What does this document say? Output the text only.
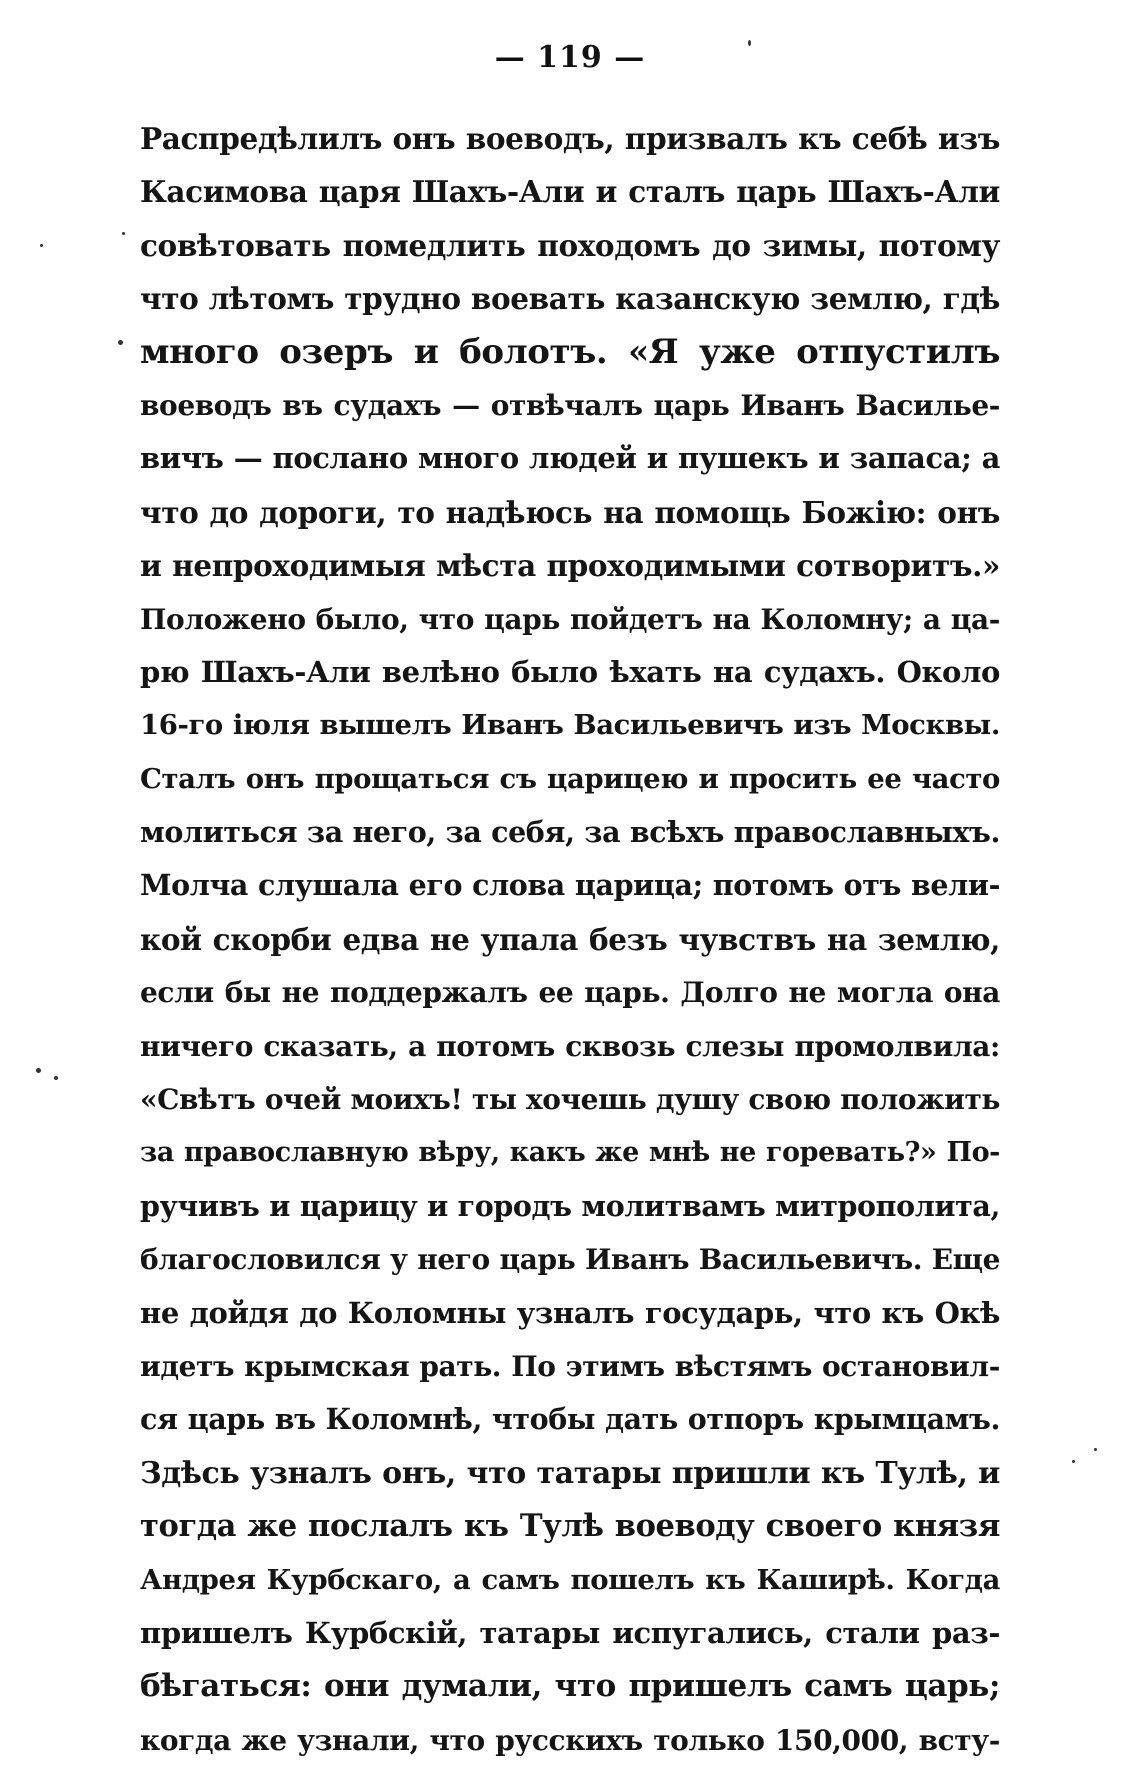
— 119 —
Распредѣлилъ онъ воеводъ, призвалъ къ себѣ изъ
Касимова царя Шахъ-Али и сталъ царь Шахъ-Али
совѣтовать помедлить походомъ до зимы, потому
что лѣтомъ трудно воевать казанскую землю, гдѣ
много озеръ и болотъ. «Я уже отпустилъ
воеводъ въ судахъ — отвѣчалъ царь Иванъ Василье-
вичъ — послано много людей и пушекъ и запаса; а
что до дороги, то надѣюсь на помощь Божію: онъ
и непроходимыя мѣста проходимыми сотворитъ.»
Положено было, что царь пойдетъ на Коломну; а ца-
рю Шахъ-Али велѣно было ѣхать на судахъ. Около
16-го іюля вышелъ Иванъ Васильевичъ изъ Москвы.
Сталъ онъ прощаться съ царицею и просить ее часто
молиться за него, за себя, за всѣхъ православныхъ.
Молча слушала его слова царица; потомъ отъ вели-
кой скорби едва не упала безъ чувствъ на землю,
если бы не поддержалъ ее царь. Долго не могла она
ничего сказать, а потомъ сквозь слезы промолвила:
«Свѣтъ очей моихъ! ты хочешь душу свою положить
за православную вѣру, какъ же мнѣ не горевать?» По-
ручивъ и царицу и городъ молитвамъ митрополита,
благословился у него царь Иванъ Васильевичъ. Еще
не дойдя до Коломны узналъ государь, что къ Окѣ
идетъ крымская рать. По этимъ вѣстямъ остановил-
ся царь въ Коломнѣ, чтобы дать отпоръ крымцамъ.
Здѣсь узналъ онъ, что татары пришли къ Тулѣ, и
тогда же послалъ къ Тулѣ воеводу своего князя
Андрея Курбскаго, а самъ пошелъ къ Каширѣ. Когда
пришелъ Курбскій, татары испугались, стали раз-
бѣгаться: они думали, что пришелъ самъ царь;
когда же узнали, что русскихъ только 150,000, всту-
